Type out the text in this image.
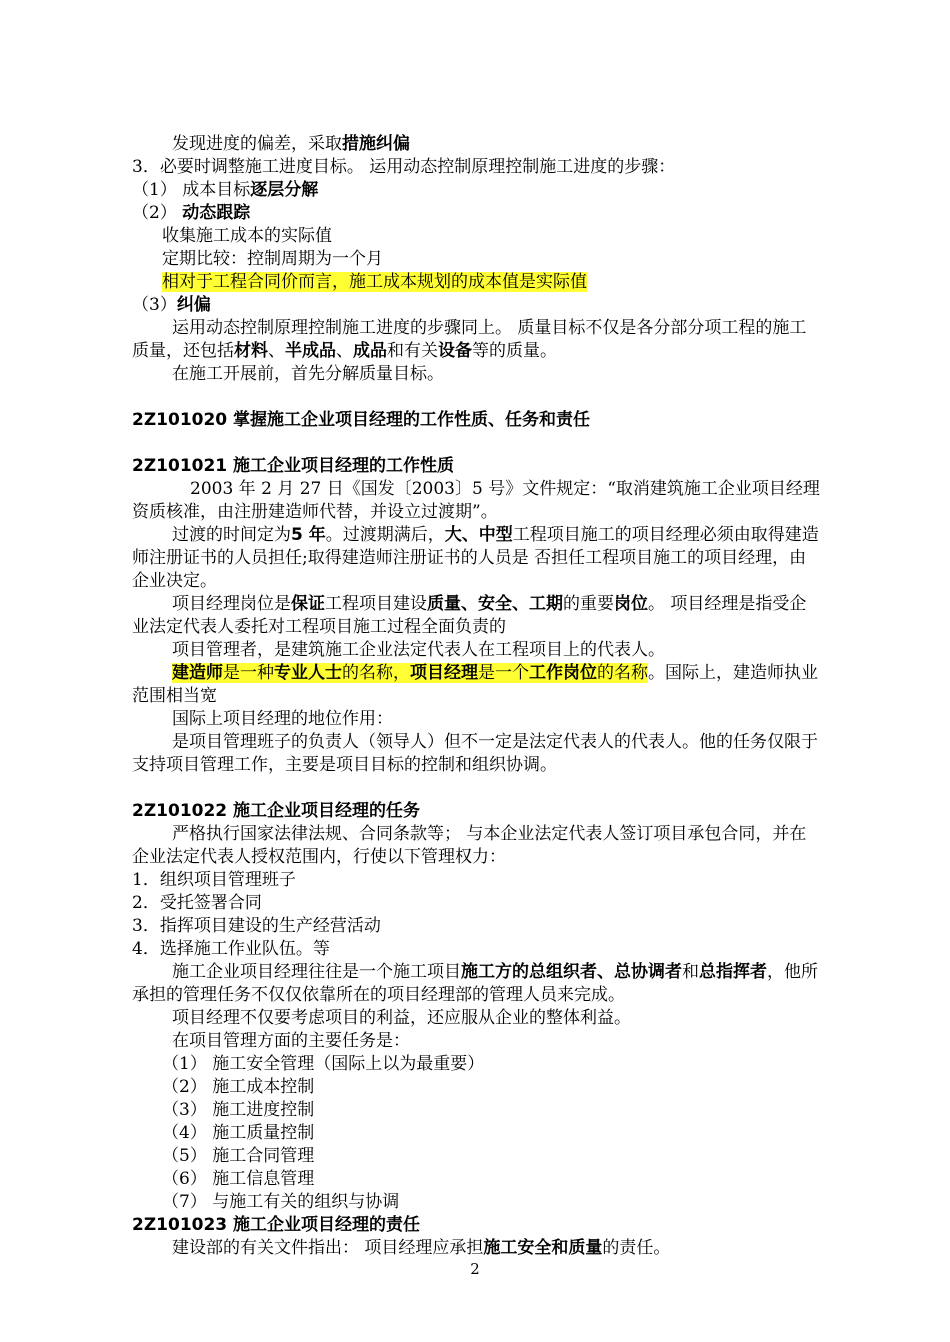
发现进度的偏差，采取措施纠偏

3．必要时调整施工进度目标。 运用动态控制原理控制施工进度的步骤：

（1） 成本目标逐层分解

（2） 动态跟踪

收集施工成本的实际值

定期比较：控制周期为一个月

相对于工程合同价而言，施工成本规划的成本值是实际值

（3）纠偏

运用动态控制原理控制施工进度的步骤同上。 质量目标不仅是各分部分项工程的施工质量，还包括材料、半成品、成品和有关设备等的质量。

在施工开展前，首先分解质量目标。

2Z101020 掌握施工企业项目经理的工作性质、任务和责任

2Z101021 施工企业项目经理的工作性质

2003 年 2 月 27 日《国发〔2003〕5 号》文件规定：“取消建筑施工企业项目经理资质核准，由注册建造师代替，并设立过渡期”。

过渡的时间定为5 年。过渡期满后，大、中型工程项目施工的项目经理必须由取得建造师注册证书的人员担任;取得建造师注册证书的人员是 否担任工程项目施工的项目经理，由企业决定。

项目经理岗位是保证工程项目建设质量、安全、工期的重要岗位。 项目经理是指受企业法定代表人委托对工程项目施工过程全面负责的

项目管理者，是建筑施工企业法定代表人在工程项目上的代表人。

建造师是一种专业人士的名称，项目经理是一个工作岗位的名称。国际上，建造师执业范围相当宽

国际上项目经理的地位作用：

是项目管理班子的负责人（领导人）但不一定是法定代表人的代表人。他的任务仅限于支持项目管理工作，主要是项目目标的控制和组织协调。

2Z101022 施工企业项目经理的任务

严格执行国家法律法规、合同条款等； 与本企业法定代表人签订项目承包合同，并在企业法定代表人授权范围内，行使以下管理权力：

1．组织项目管理班子

2．受托签署合同

3．指挥项目建设的生产经营活动

4．选择施工作业队伍。等

施工企业项目经理往往是一个施工项目施工方的总组织者、总协调者和总指挥者，他所承担的管理任务不仅仅依靠所在的项目经理部的管理人员来完成。

项目经理不仅要考虑项目的利益，还应服从企业的整体利益。

在项目管理方面的主要任务是：

（1） 施工安全管理（国际上以为最重要）

（2） 施工成本控制

（3） 施工进度控制

（4） 施工质量控制

（5） 施工合同管理

（6） 施工信息管理

（7） 与施工有关的组织与协调

2Z101023 施工企业项目经理的责任

建设部的有关文件指出： 项目经理应承担施工安全和质量的责任。

2
